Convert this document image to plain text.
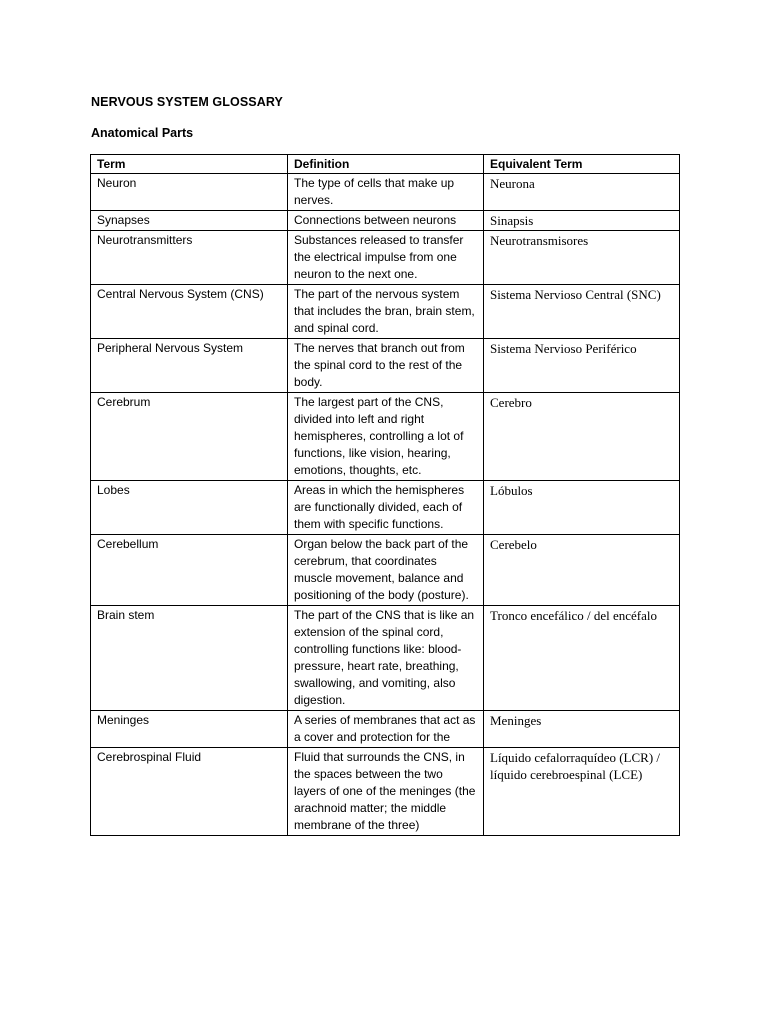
NERVOUS SYSTEM GLOSSARY
Anatomical Parts
Term	Definition	Equivalent Term
Neuron	The type of cells that make up nerves.	Neurona
Synapses	Connections between neurons	Sinapsis
Neurotransmitters	Substances released to transfer the electrical impulse from one neuron to the next one.	Neurotransmisores
Central Nervous System (CNS)	The part of the nervous system that includes the bran, brain stem, and spinal cord.	Sistema Nervioso Central (SNC)
Peripheral Nervous System	The nerves that branch out from the spinal cord to the rest of the body.	Sistema Nervioso Periférico
Cerebrum	The largest part of the CNS, divided into left and right hemispheres, controlling a lot of functions, like vision, hearing, emotions, thoughts, etc.	Cerebro
Lobes	Areas in which the hemispheres are functionally divided, each of them with specific functions.	Lóbulos
Cerebellum	Organ below the back part of the cerebrum, that coordinates muscle movement, balance and positioning of the body (posture).	Cerebelo
Brain stem	The part of the CNS that is like an extension of the spinal cord, controlling functions like: blood-pressure, heart rate, breathing, swallowing, and vomiting, also digestion.	Tronco encefálico / del encéfalo
Meninges	A series of membranes that act as a cover and protection for the	Meninges
Cerebrospinal Fluid	Fluid that surrounds the CNS, in the spaces between the two layers of one of the meninges (the arachnoid matter; the middle membrane of the three)	Líquido cefalorraquídeo (LCR) / líquido cerebroespinal (LCE)
